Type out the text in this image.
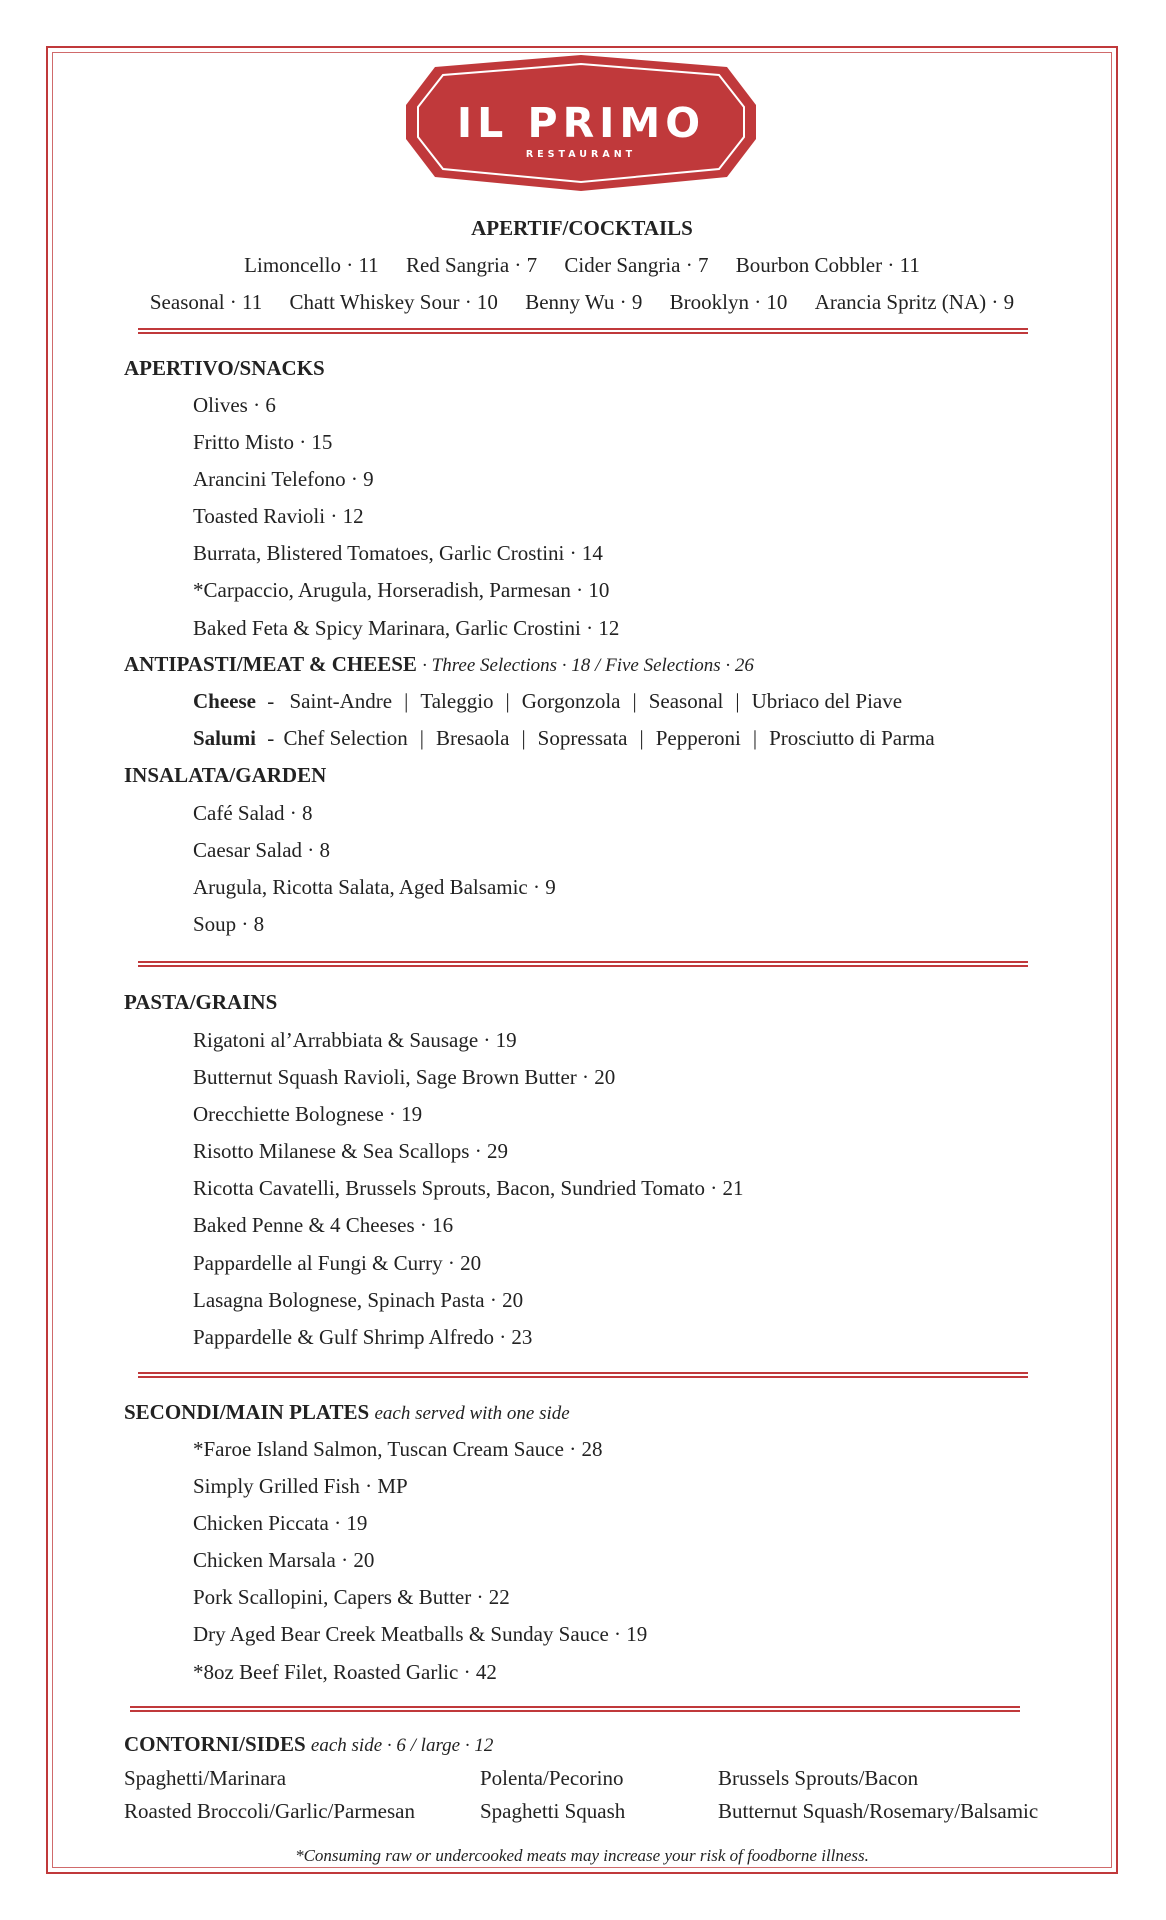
IL PRIMO
RESTAURANT
APERTIF/COCKTAILS
Limoncello · 11 Red Sangria · 7 Cider Sangria · 7 Bourbon Cobbler · 11
Seasonal · 11 Chatt Whiskey Sour · 10 Benny Wu · 9 Brooklyn · 10 Arancia Spritz (NA) · 9
APERTIVO/SNACKS
Olives · 6
Fritto Misto · 15
Arancini Telefono · 9
Toasted Ravioli · 12
Burrata, Blistered Tomatoes, Garlic Crostini · 14
*Carpaccio, Arugula, Horseradish, Parmesan · 10
Baked Feta & Spicy Marinara, Garlic Crostini · 12
ANTIPASTI/MEAT & CHEESE · Three Selections · 18 / Five Selections · 26
Cheese - Saint-Andre | Taleggio | Gorgonzola | Seasonal | Ubriaco del Piave
Salumi - Chef Selection | Bresaola | Sopressata | Pepperoni | Prosciutto di Parma
INSALATA/GARDEN
Café Salad · 8
Caesar Salad · 8
Arugula, Ricotta Salata, Aged Balsamic · 9
Soup · 8
PASTA/GRAINS
Rigatoni al’Arrabbiata & Sausage · 19
Butternut Squash Ravioli, Sage Brown Butter · 20
Orecchiette Bolognese · 19
Risotto Milanese & Sea Scallops · 29
Ricotta Cavatelli, Brussels Sprouts, Bacon, Sundried Tomato · 21
Baked Penne & 4 Cheeses · 16
Pappardelle al Fungi & Curry · 20
Lasagna Bolognese, Spinach Pasta · 20
Pappardelle & Gulf Shrimp Alfredo · 23
SECONDI/MAIN PLATES each served with one side
*Faroe Island Salmon, Tuscan Cream Sauce · 28
Simply Grilled Fish · MP
Chicken Piccata · 19
Chicken Marsala · 20
Pork Scallopini, Capers & Butter · 22
Dry Aged Bear Creek Meatballs & Sunday Sauce · 19
*8oz Beef Filet, Roasted Garlic · 42
CONTORNI/SIDES each side · 6 / large · 12
Spaghetti/Marinara	Polenta/Pecorino	Brussels Sprouts/Bacon
Roasted Broccoli/Garlic/Parmesan	Spaghetti Squash	Butternut Squash/Rosemary/Balsamic
*Consuming raw or undercooked meats may increase your risk of foodborne illness.
